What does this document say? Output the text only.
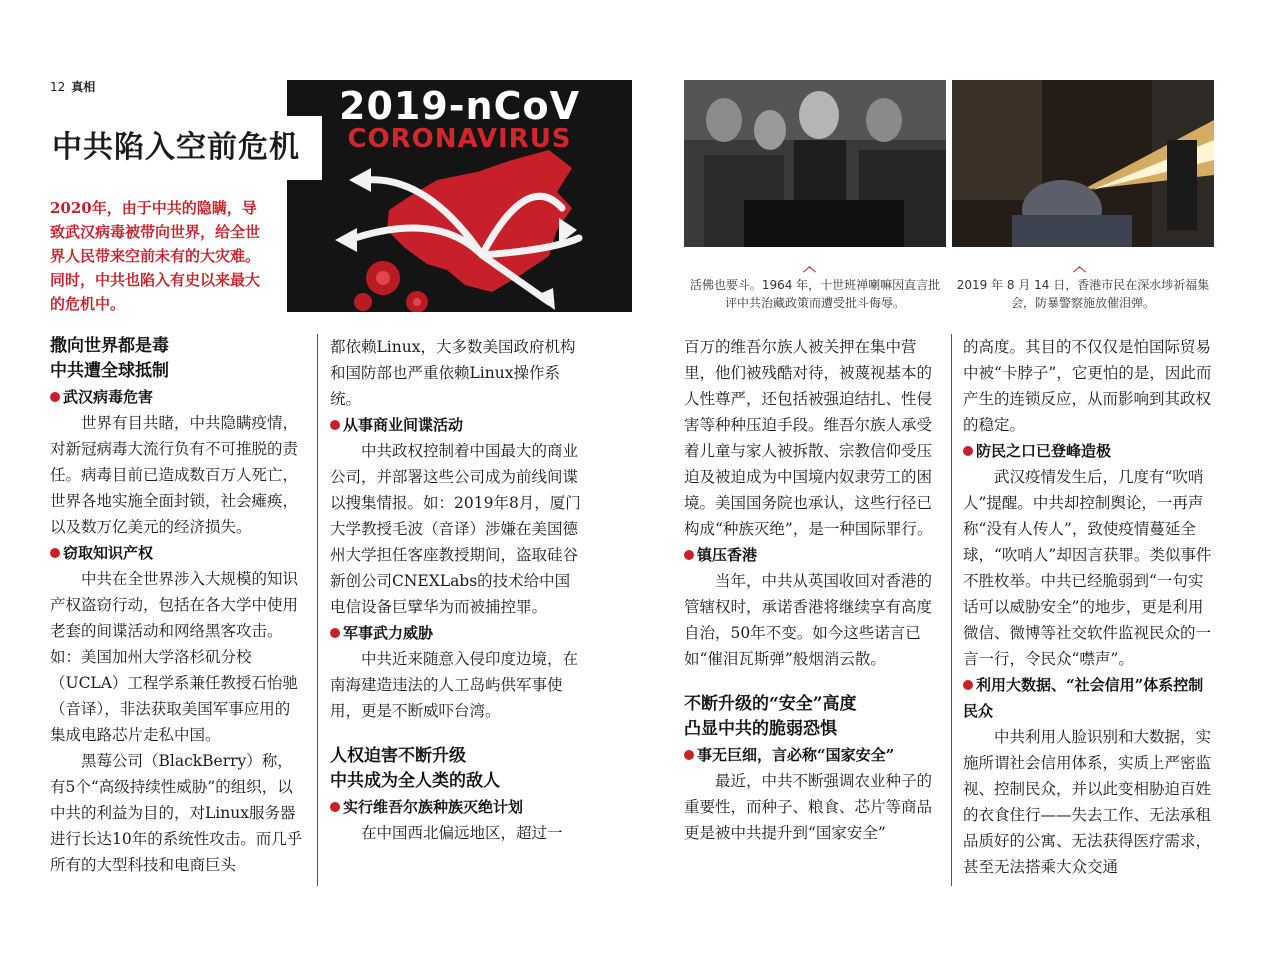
12 真相	2019-nCoV
CORONAVIRUS
中共陷入空前危机
2020年，由于中共的隐瞒，导致武汉病毒被带向世界，给全世界人民带来空前未有的大灾难。同时，中共也陷入有史以来最大的危机中。
︿	︿
活佛也要斗。1964 年，十世班禅喇嘛因直言批评中共治藏政策而遭受批斗侮辱。
2019 年 8 月 14 日，香港市民在深水埗祈福集会，防暴警察施放催泪弹。
撒向世界都是毒
中共遭全球抵制
武汉病毒危害

世界有目共睹，中共隐瞒疫情，对新冠病毒大流行负有不可推脱的责任。病毒目前已造成数百万人死亡，世界各地实施全面封锁，社会瘫痪，以及数万亿美元的经济损失。

窃取知识产权

中共在全世界涉入大规模的知识产权盗窃行动，包括在各大学中使用老套的间谍活动和网络黑客攻击。如：美国加州大学洛杉矶分校（UCLA）工程学系兼任教授石怡驰（音译），非法获取美国军事应用的集成电路芯片走私中国。

黑莓公司（BlackBerry）称，有5个“高级持续性威胁”的组织，以中共的利益为目的，对Linux服务器进行长达10年的系统性攻击。而几乎所有的大型科技和电商巨头

都依赖Linux，大多数美国政府机构和国防部也严重依赖Linux操作系统。

从事商业间谍活动

中共政权控制着中国最大的商业公司，并部署这些公司成为前线间谍以搜集情报。如：2019年8月，厦门大学教授毛波（音译）涉嫌在美国德州大学担任客座教授期间，盗取硅谷新创公司CNEXLabs的技术给中国电信设备巨擘华为而被捕控罪。

军事武力威胁

中共近来随意入侵印度边境，在南海建造违法的人工岛屿供军事使用，更是不断威吓台湾。

人权迫害不断升级
中共成为全人类的敌人
实行维吾尔族种族灭绝计划

在中国西北偏远地区，超过一

百万的维吾尔族人被关押在集中营里，他们被残酷对待，被蔑视基本的人性尊严，还包括被强迫结扎、性侵害等种种压迫手段。维吾尔族人承受着儿童与家人被拆散、宗教信仰受压迫及被迫成为中国境内奴隶劳工的困境。美国国务院也承认，这些行径已构成“种族灭绝”，是一种国际罪行。

镇压香港

当年，中共从英国收回对香港的管辖权时，承诺香港将继续享有高度自治，50年不变。如今这些诺言已如“催泪瓦斯弹”般烟消云散。

不断升级的“安全”高度
凸显中共的脆弱恐惧
事无巨细，言必称“国家安全”

最近，中共不断强调农业种子的重要性，而种子、粮食、芯片等商品更是被中共提升到“国家安全”

的高度。其目的不仅仅是怕国际贸易中被“卡脖子”，它更怕的是，因此而产生的连锁反应，从而影响到其政权的稳定。

防民之口已登峰造极

武汉疫情发生后，几度有“吹哨人”提醒。中共却控制舆论，一再声称“没有人传人”，致使疫情蔓延全球，“吹哨人”却因言获罪。类似事件不胜枚举。中共已经脆弱到“一句实话可以威胁安全”的地步，更是利用微信、微博等社交软件监视民众的一言一行，令民众“噤声”。

利用大数据、“社会信用”体系控制民众

中共利用人脸识别和大数据，实施所谓社会信用体系，实质上严密监视、控制民众，并以此变相胁迫百姓的衣食住行——失去工作、无法承租品质好的公寓、无法获得医疗需求，甚至无法搭乘大众交通
